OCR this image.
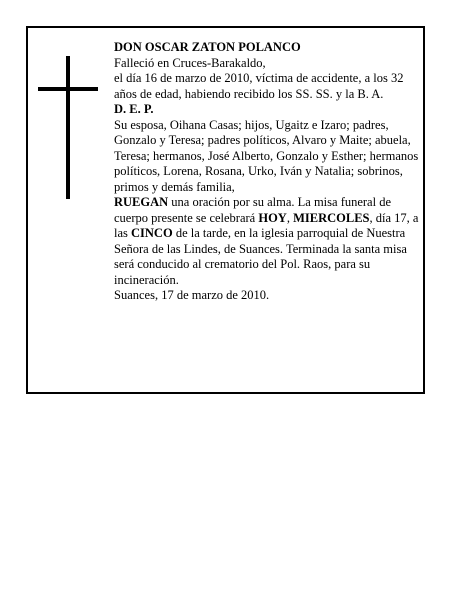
DON OSCAR ZATON POLANCO

Falleció en Cruces-Barakaldo,

el día 16 de marzo de 2010, víctima de accidente, a los 32 años de edad, habiendo recibido los SS. SS. y la B. A.

D. E. P.

Su esposa, Oihana Casas; hijos, Ugaitz e Izaro; padres, Gonzalo y Teresa; padres políticos, Alvaro y Maite; abuela, Teresa; hermanos, José Alberto, Gonzalo y Esther; hermanos políticos, Lorena, Rosana, Urko, Iván y Natalia; sobrinos, primos y demás familia,

RUEGAN una oración por su alma. La misa funeral de cuerpo presente se celebrará HOY, MIERCOLES, día 17, a las CINCO de la tarde, en la iglesia parroquial de Nuestra Señora de las Lindes, de Suances. Terminada la santa misa será conducido al crematorio del Pol. Raos, para su incineración.

Suances, 17 de marzo de 2010.
